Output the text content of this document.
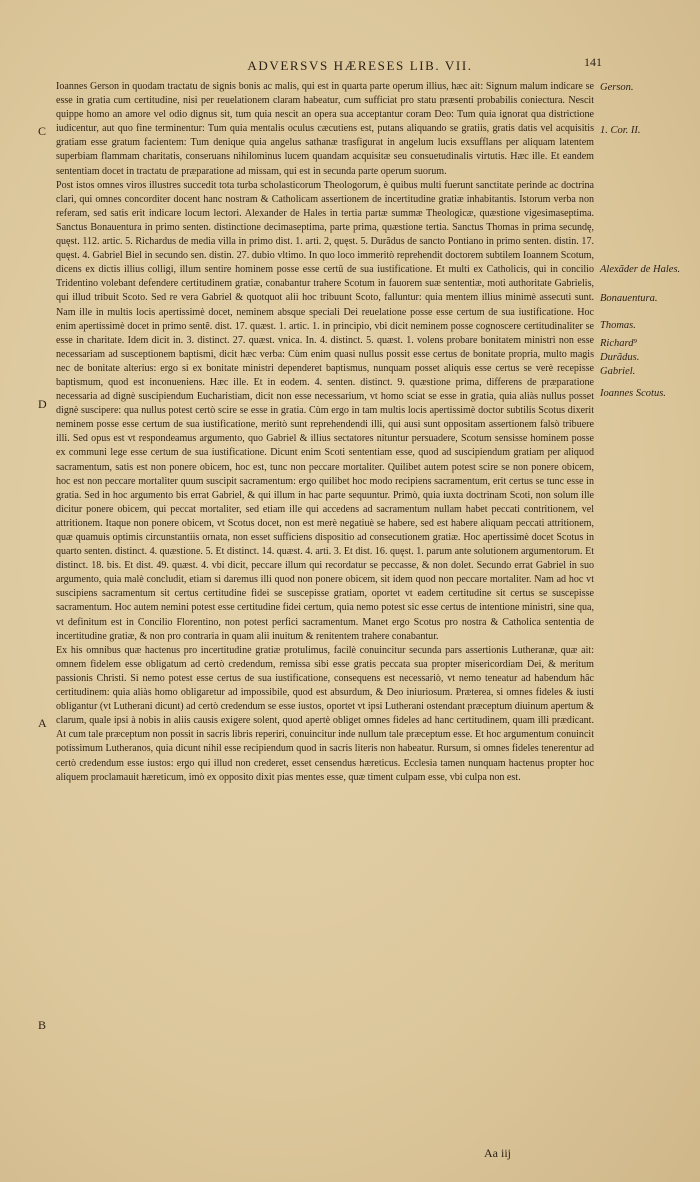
ADVERSVS HÆRESES LIB. VII.	141

Ioannes Gerson in quodam tractatu de signis bonis ac malis, qui est in quarta parte operum illius, hæc ait: Signum malum indicare se esse in gratia cum certitudine, nisi per reuelationem claram habeatur, cum sufficiat pro statu præsenti probabilis coniectura. Nescit quippe homo an amore vel odio dignus sit, tum quia nescit an opera sua acceptantur coram Deo: Tum quia ignorat qua districtione iudicentur, aut quo fine terminentur: Tum quia mentalis oculus cæcutiens est, putans aliquando se gratiis, gratis datis vel acquisitis gratiam esse gratum facientem: Tum denique quia angelus sathanæ trasfigurat in angelum lucis exsufflans per aliquam latentem superbiam flammam charitatis, conseruans nihilominus lucem quandam acquisitæ seu consuetudinalis virtutis. Hæc ille. Et eandem sententiam docet in tractatu de præparatione ad missam, qui est in secunda parte operum suorum.

Post istos omnes viros illustres succedit tota turba scholasticorum Theologorum, è quibus multi fuerunt sanctitate perinde ac doctrina clari, qui omnes concorditer docent hanc nostram & Catholicam assertionem de incertitudine gratiæ inhabitantis. Istorum verba non referam, sed satis erit indicare locum lectori. Alexander de Hales in tertia partæ summæ Theologicæ, quæstione vigesimaseptima. Sanctus Bonauentura in primo senten. distinctione decimaseptima, parte prima, quæstione tertia. Sanctus Thomas in prima secundę, quęst. 112. artic. 5. Richardus de media villa in primo dist. 1. arti. 2, quęst. 5. Durãdus de sancto Pontiano in primo senten. distin. 17. quęst. 4. Gabriel Biel in secundo sen. distin. 27. dubio vltimo. In quo loco immeritò reprehendit doctorem subtilem Ioannem Scotum, dicens ex dictis illius colligi, illum sentire hominem posse esse certũ de sua iustificatione. Et multi ex Catholicis, qui in concilio Tridentino volebant defendere certitudinem gratiæ, conabantur trahere Scotum in fauorem suæ sententiæ, moti authoritate Gabrielis, qui illud tribuit Scoto. Sed re vera Gabriel & quotquot alii hoc tribuunt Scoto, falluntur: quia mentem illius minimè assecuti sunt. Nam ille in multis locis apertissimè docet, neminem absque speciali Dei reuelatione posse esse certum de sua iustificatione. Hoc enim apertissimè docet in primo sentẽ. dist. 17. quæst. 1. artic. 1. in principio, vbi dicit neminem posse cognoscere certitudinaliter se esse in charitate. Idem dicit in. 3. distinct. 27. quæst. vnica. In. 4. distinct. 5. quæst. 1. volens probare bonitatem ministri non esse necessariam ad susceptionem baptismi, dicit hæc verba: Cùm enim quasi nullus possit esse certus de bonitate propria, multo magis nec de bonitate alterius: ergo si ex bonitate ministri dependeret baptismus, nunquam posset aliquis esse certus se verè recepisse baptismum, quod est inconueniens. Hæc ille. Et in eodem. 4. senten. distinct. 9. quæstione prima, differens de præparatione necessaria ad dignè suscipiendum Eucharistiam, dicit non esse necessarium, vt homo sciat se esse in gratia, quia aliàs nullus posset dignè suscipere: qua nullus potest certò scire se esse in gratia. Cùm ergo in tam multis locis apertissimè doctor subtilis Scotus dixerit neminem posse esse certum de sua iustificatione, meritò sunt reprehendendi illi, qui ausi sunt oppositam assertionem falsò tribuere illi. Sed opus est vt respondeamus argumento, quo Gabriel & illius sectatores nituntur persuadere, Scotum sensisse hominem posse ex communi lege esse certum de sua iustificatione. Dicunt enim Scoti sententiam esse, quod ad suscipiendum gratiam per aliquod sacramentum, satis est non ponere obicem, hoc est, tunc non peccare mortaliter. Quilibet autem potest scire se non ponere obicem, hoc est non peccare mortaliter quum suscipit sacramentum: ergo quilibet hoc modo recipiens sacramentum, erit certus se tunc esse in gratia. Sed in hoc argumento bis errat Gabriel, & qui illum in hac parte sequuntur. Primò, quia iuxta doctrinam Scoti, non solum ille dicitur ponere obicem, qui peccat mortaliter, sed etiam ille qui accedens ad sacramentum nullam habet peccati contritionem, vel attritionem. Itaque non ponere obicem, vt Scotus docet, non est merè negatiuè se habere, sed est habere aliquam peccati attritionem, quæ quamuis optimis circunstantiis ornata, non esset sufficiens dispositio ad consecutionem gratiæ. Hoc apertissimè docet Scotus in quarto senten. distinct. 4. quæstione. 5. Et distinct. 14. quæst. 4. arti. 3. Et dist. 16. quęst. 1. parum ante solutionem argumentorum. Et distinct. 18. bis. Et dist. 49. quæst. 4. vbi dicit, peccare illum qui recordatur se peccasse, & non dolet. Secundo errat Gabriel in suo argumento, quia malè concludit, etiam si daremus illi quod non ponere obicem, sit idem quod non peccare mortaliter. Nam ad hoc vt suscipiens sacramentum sit certus certitudine fidei se suscepisse gratiam, oportet vt eadem certitudine sit certus se suscepisse sacramentum. Hoc autem nemini potest esse certitudine fidei certum, quia nemo potest sic esse certus de intentione ministri, sine qua, vt definitum est in Concilio Florentino, non potest perfici sacramentum. Manet ergo Scotus pro nostra & Catholica sententia de incertitudine gratiæ, & non pro contraria in quam alii inuitum & renitentem trahere conabantur.

Ex his omnibus quæ hactenus pro incertitudine gratiæ protulimus, facilè conuincitur secunda pars assertionis Lutheranæ, quæ ait: omnem fidelem esse obligatum ad certò credendum, remissa sibi esse gratis peccata sua propter misericordiam Dei, & meritum passionis Christi. Si nemo potest esse certus de sua iustificatione, consequens est necessariò, vt nemo teneatur ad habendum hãc certitudinem: quia aliàs homo obligaretur ad impossibile, quod est absurdum, & Deo iniuriosum. Præterea, si omnes fideles & iusti obligantur (vt Lutherani dicunt) ad certò credendum se esse iustos, oportet vt ipsi Lutherani ostendant præceptum diuinum apertum & clarum, quale ipsi à nobis in aliis causis exigere solent, quod apertè obliget omnes fideles ad hanc certitudinem, quam illi prædicant. At cum tale præceptum non possit in sacris libris reperiri, conuincitur inde nullum tale præceptum esse. Et hoc argumentum conuincit potissimum Lutheranos, quia dicunt nihil esse recipiendum quod in sacris literis non habeatur. Rursum, si omnes fideles tenerentur ad certò credendum esse iustos: ergo qui illud non crederet, esset censendus hæreticus. Ecclesia tamen nunquam hactenus propter hoc aliquem proclamauit hæreticum, imò ex opposito dixit pias mentes esse, quæ timent culpam esse, vbi culpa non est.

Gerson.
1. Cor. II.
Alexãder de Hales.
Bonauentura.
Thomas.
Richard⁹
Durãdus.
Gabriel.
Ioannes Scotus.
C
D
A
B
Aa iij
